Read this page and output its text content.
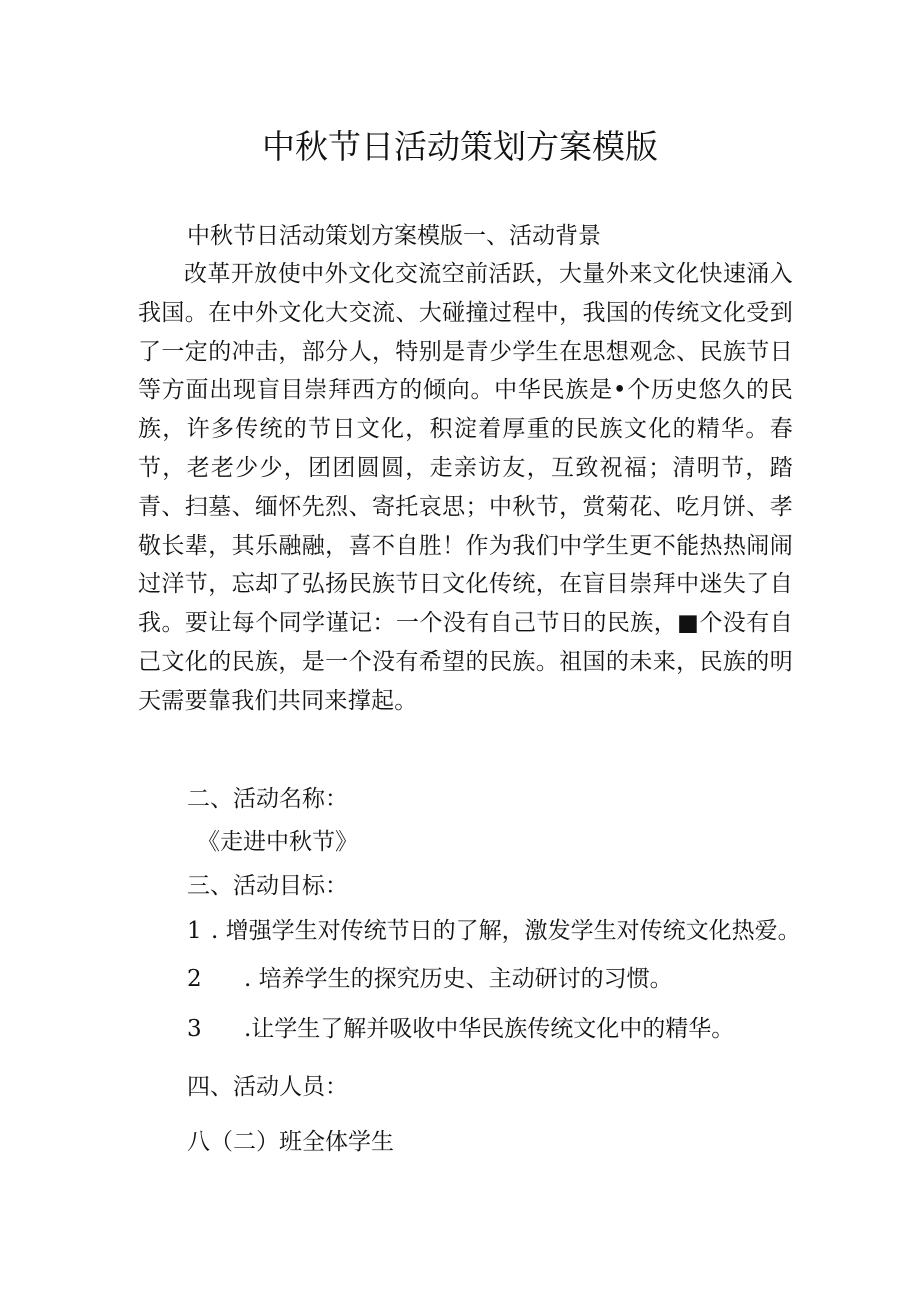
中秋节日活动策划方案模版
中秋节日活动策划方案模版一、活动背景
改革开放使中外文化交流空前活跃，大量外来文化快速涌入我国。在中外文化大交流、大碰撞过程中，我国的传统文化受到了一定的冲击，部分人，特别是青少学生在思想观念、民族节日等方面出现盲目崇拜西方的倾向。中华民族是•个历史悠久的民族，许多传统的节日文化，积淀着厚重的民族文化的精华。春节，老老少少，团团圆圆，走亲访友，互致祝福；清明节，踏青、扫墓、缅怀先烈、寄托哀思；中秋节，赏菊花、吃月饼、孝敬长辈，其乐融融，喜不自胜！作为我们中学生更不能热热闹闹过洋节，忘却了弘扬民族节日文化传统，在盲目崇拜中迷失了自我。要让每个同学谨记：一个没有自己节日的民族，■个没有自己文化的民族，是一个没有希望的民族。祖国的未来，民族的明天需要靠我们共同来撑起。
二、活动名称：
《走进中秋节》
三、活动目标：
1 . 增强学生对传统节日的了解，激发学生对传统文化热爱。
2 . 培养学生的探究历史、主动研讨的习惯。
3 .让学生了解并吸收中华民族传统文化中的精华。
四、活动人员：
八（二）班全体学生
